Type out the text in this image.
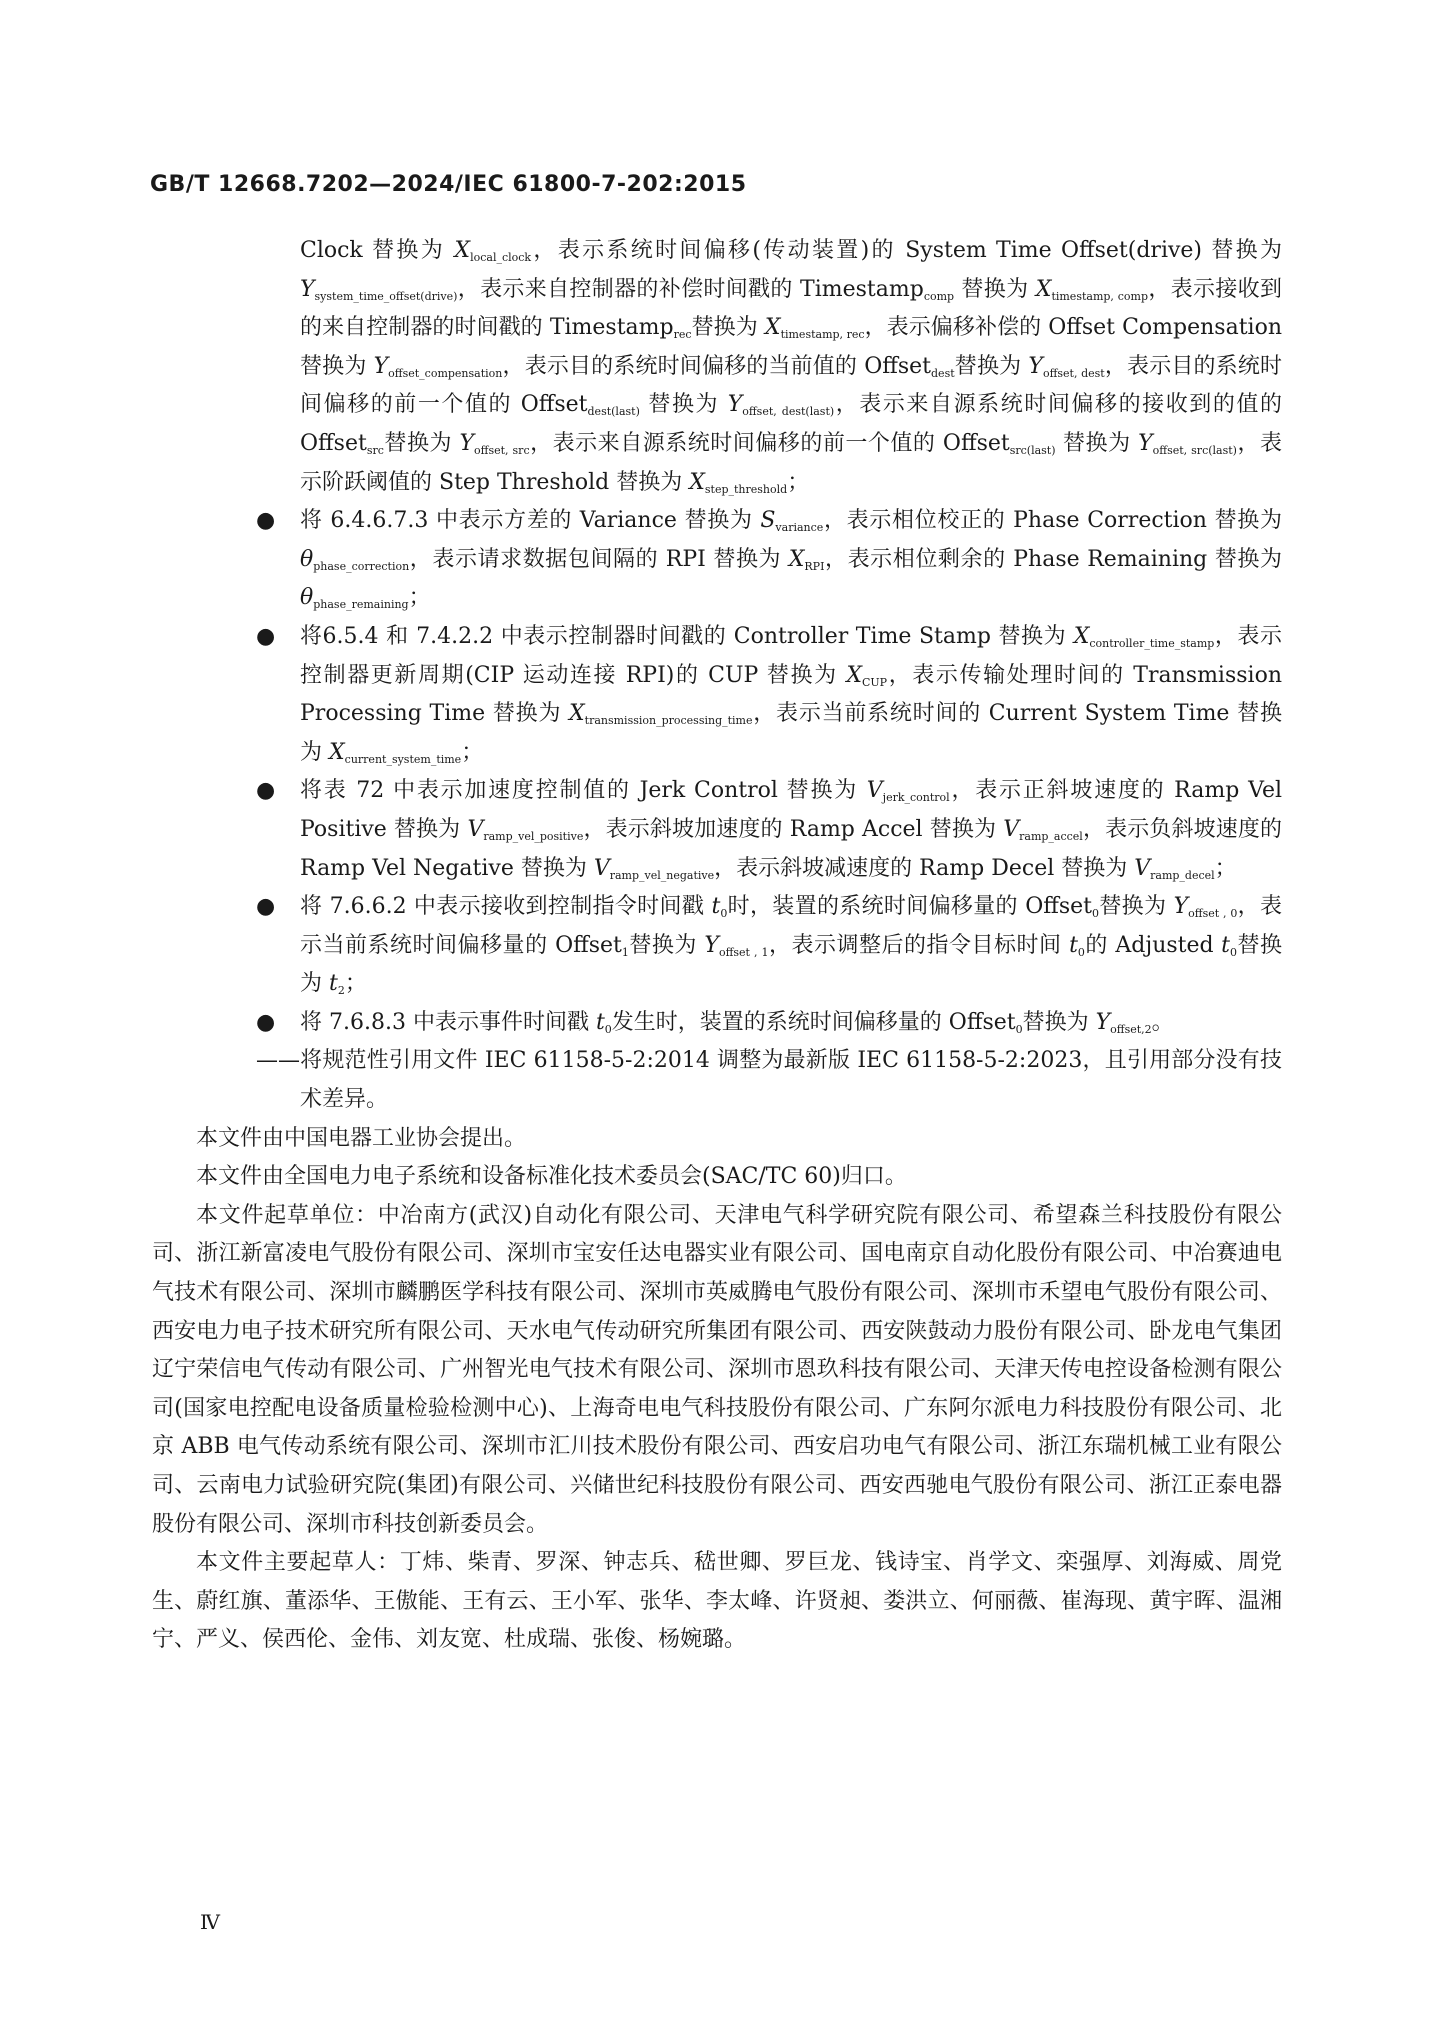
GB/T 12668.7202—2024/IEC 61800-7-202:2015

Clock 替换为 $X_{local\_clock}$，表示系统时间偏移(传动装置)的 System Time Offset(drive) 替换为 $Y_{system\_time\_offset(drive)}$，表示来自控制器的补偿时间戳的 Timestamp$_{comp}$ 替换为 $X_{timestamp, comp}$，表示接收到的来自控制器的时间戳的 Timestamp$_{rec}$替换为 $X_{timestamp, rec}$，表示偏移补偿的 Offset Compensation 替换为 $Y_{offset\_compensation}$，表示目的系统时间偏移的当前值的 Offset$_{dest}$替换为 $Y_{offset, dest}$，表示目的系统时间偏移的前一个值的 Offset$_{dest(last)}$ 替换为 $Y_{offset, dest(last)}$，表示来自源系统时间偏移的接收到的值的 Offset$_{src}$替换为 $Y_{offset, src}$，表示来自源系统时间偏移的前一个值的 Offset$_{src(last)}$ 替换为 $Y_{offset, src(last)}$，表示阶跃阈值的 Step Threshold 替换为 $X_{step\_threshold}$；

● 将 6.4.6.7.3 中表示方差的 Variance 替换为 $S_{variance}$，表示相位校正的 Phase Correction 替换为 $\theta_{phase\_correction}$，表示请求数据包间隔的 RPI 替换为 $X_{RPI}$，表示相位剩余的 Phase Remaining 替换为 $\theta_{phase\_remaining}$；

● 将6.5.4 和 7.4.2.2 中表示控制器时间戳的 Controller Time Stamp 替换为 $X_{controller\_time\_stamp}$，表示控制器更新周期(CIP 运动连接 RPI)的 CUP 替换为 $X_{CUP}$，表示传输处理时间的 Transmission Processing Time 替换为 $X_{transmission\_processing\_time}$，表示当前系统时间的 Current System Time 替换为 $X_{current\_system\_time}$；

● 将表 72 中表示加速度控制值的 Jerk Control 替换为 $V_{jerk\_control}$，表示正斜坡速度的 Ramp Vel Positive 替换为 $V_{ramp\_vel\_positive}$，表示斜坡加速度的 Ramp Accel 替换为 $V_{ramp\_accel}$，表示负斜坡速度的 Ramp Vel Negative 替换为 $V_{ramp\_vel\_negative}$，表示斜坡减速度的 Ramp Decel 替换为 $V_{ramp\_decel}$；

● 将 7.6.6.2 中表示接收到控制指令时间戳 $t_0$时，装置的系统时间偏移量的 Offset$_0$替换为 $Y_{offset , 0}$，表示当前系统时间偏移量的 Offset$_1$替换为 $Y_{offset , 1}$，表示调整后的指令目标时间 $t_0$的 Adjusted $t_0$替换为 $t_2$；

● 将 7.6.8.3 中表示事件时间戳 $t_0$发生时，装置的系统时间偏移量的 Offset$_0$替换为 $Y_{offset,2}$。

——将规范性引用文件 IEC 61158-5-2:2014 调整为最新版 IEC 61158-5-2:2023，且引用部分没有技术差异。

本文件由中国电器工业协会提出。

本文件由全国电力电子系统和设备标准化技术委员会(SAC/TC 60)归口。

本文件起草单位：中冶南方(武汉)自动化有限公司、天津电气科学研究院有限公司、希望森兰科技股份有限公司、浙江新富凌电气股份有限公司、深圳市宝安任达电器实业有限公司、国电南京自动化股份有限公司、中冶赛迪电气技术有限公司、深圳市麟鹏医学科技有限公司、深圳市英威腾电气股份有限公司、深圳市禾望电气股份有限公司、西安电力电子技术研究所有限公司、天水电气传动研究所集团有限公司、西安陕鼓动力股份有限公司、卧龙电气集团辽宁荣信电气传动有限公司、广州智光电气技术有限公司、深圳市恩玖科技有限公司、天津天传电控设备检测有限公司(国家电控配电设备质量检验检测中心)、上海奇电电气科技股份有限公司、广东阿尔派电力科技股份有限公司、北京 ABB 电气传动系统有限公司、深圳市汇川技术股份有限公司、西安启功电气有限公司、浙江东瑞机械工业有限公司、云南电力试验研究院(集团)有限公司、兴储世纪科技股份有限公司、西安西驰电气股份有限公司、浙江正泰电器股份有限公司、深圳市科技创新委员会。

本文件主要起草人：丁炜、柴青、罗深、钟志兵、嵇世卿、罗巨龙、钱诗宝、肖学文、栾强厚、刘海威、周党生、蔚红旗、董添华、王傲能、王有云、王小军、张华、李太峰、许贤昶、娄洪立、何丽薇、崔海现、黄宇晖、温湘宁、严义、侯西伦、金伟、刘友宽、杜成瑞、张俊、杨婉璐。

Ⅳ
